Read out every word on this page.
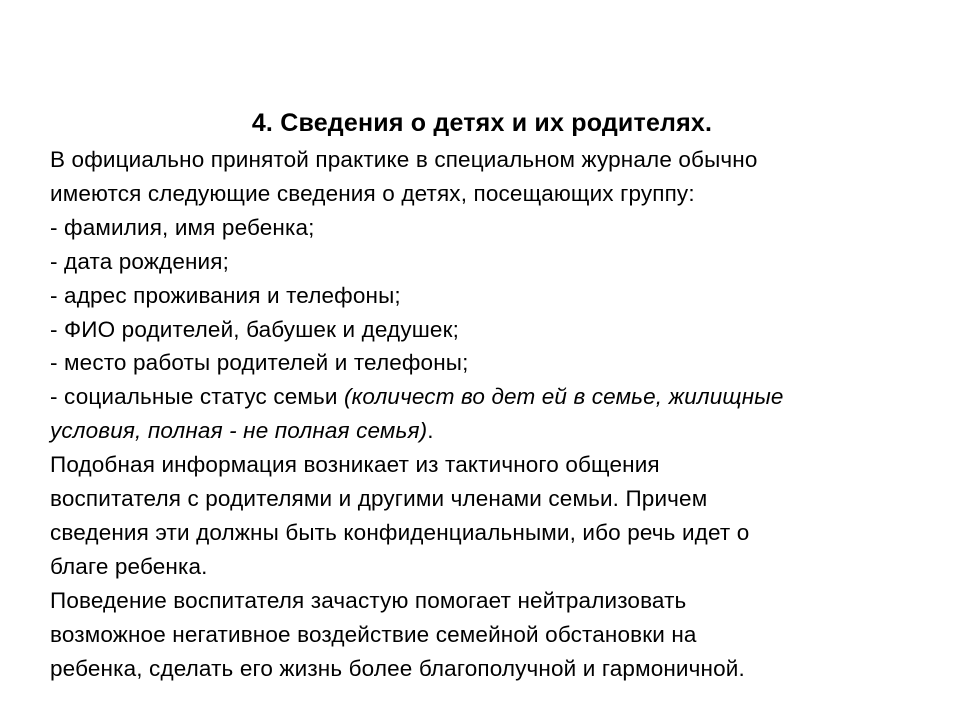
4. Сведения о детях и их родителях.
В официально принятой практике в специальном журнале обычно
имеются следующие сведения о детях, посещающих группу:
- фамилия, имя ребенка;
- дата рождения;
- адрес проживания и телефоны;
- ФИО родителей, бабушек и дедушек;
- место работы родителей и телефоны;
- социальные статус семьи (количест во дет ей в семье, жилищные
условия, полная - не полная семья).
Подобная информация возникает из тактичного общения
воспитателя с родителями и другими членами семьи. Причем
сведения эти должны быть конфиденциальными, ибо речь идет о
благе ребенка.
Поведение воспитателя зачастую помогает нейтрализовать
возможное негативное воздействие семейной обстановки на
ребенка, сделать его жизнь более благополучной и гармоничной.
